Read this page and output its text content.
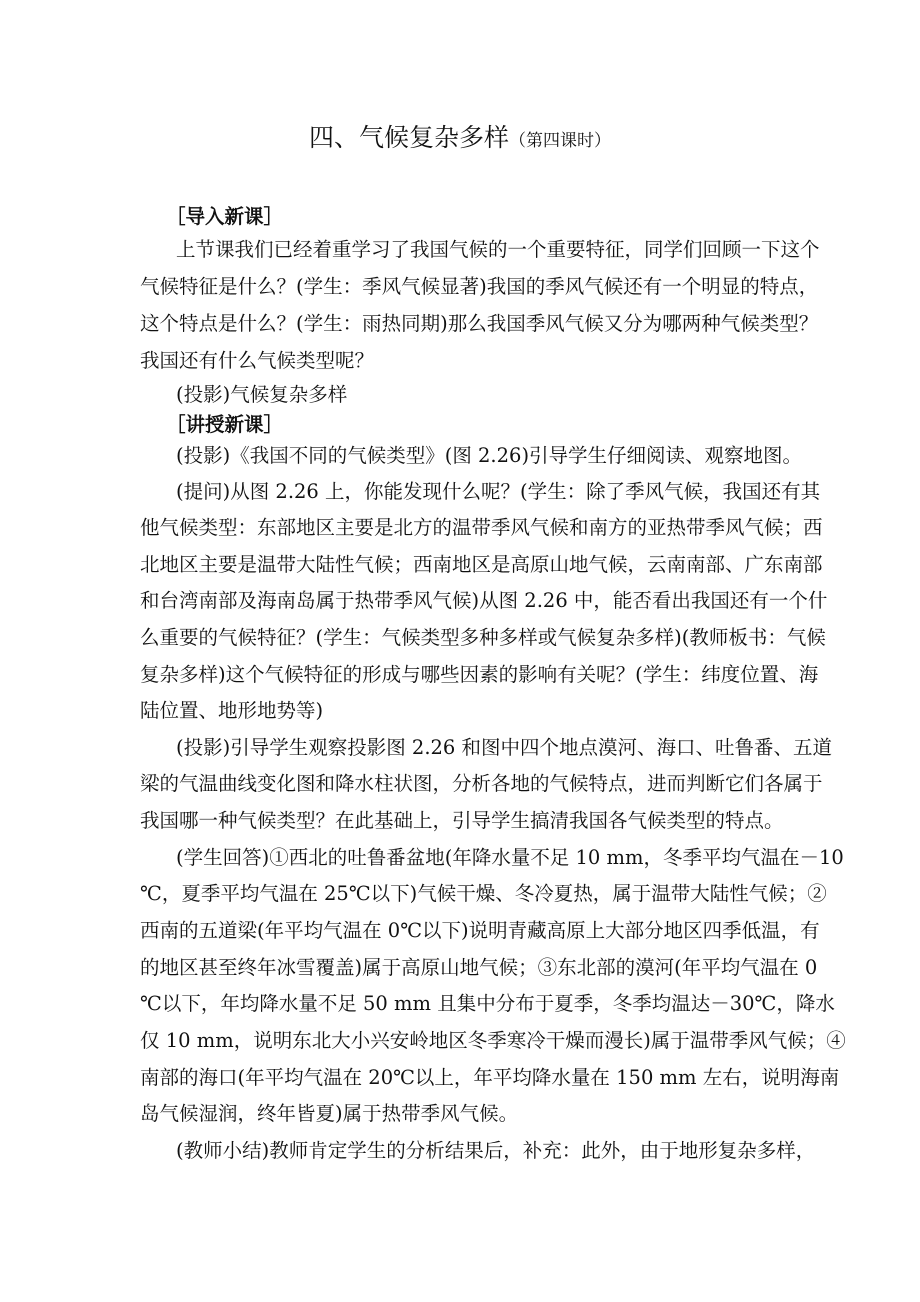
四、气候复杂多样（第四课时）
［导入新课］
上节课我们已经着重学习了我国气候的一个重要特征，同学们回顾一下这个
气候特征是什么？(学生：季风气候显著)我国的季风气候还有一个明显的特点，
这个特点是什么？(学生：雨热同期)那么我国季风气候又分为哪两种气候类型？
我国还有什么气候类型呢？
(投影)气候复杂多样
［讲授新课］
(投影)《我国不同的气候类型》(图 2.26)引导学生仔细阅读、观察地图。
(提问)从图 2.26 上，你能发现什么呢？(学生：除了季风气候，我国还有其
他气候类型：东部地区主要是北方的温带季风气候和南方的亚热带季风气候；西
北地区主要是温带大陆性气候；西南地区是高原山地气候，云南南部、广东南部
和台湾南部及海南岛属于热带季风气候)从图 2.26 中，能否看出我国还有一个什
么重要的气候特征？(学生：气候类型多种多样或气候复杂多样)(教师板书：气候
复杂多样)这个气候特征的形成与哪些因素的影响有关呢？(学生：纬度位置、海
陆位置、地形地势等)
(投影)引导学生观察投影图 2.26 和图中四个地点漠河、海口、吐鲁番、五道
梁的气温曲线变化图和降水柱状图，分析各地的气候特点，进而判断它们各属于
我国哪一种气候类型？在此基础上，引导学生搞清我国各气候类型的特点。
(学生回答)①西北的吐鲁番盆地(年降水量不足 10 mm，冬季平均气温在－10
℃，夏季平均气温在 25℃以下)气候干燥、冬冷夏热，属于温带大陆性气候；②
西南的五道梁(年平均气温在 0℃以下)说明青藏高原上大部分地区四季低温，有
的地区甚至终年冰雪覆盖)属于高原山地气候；③东北部的漠河(年平均气温在 0
℃以下，年均降水量不足 50 mm 且集中分布于夏季，冬季均温达－30℃，降水
仅 10 mm，说明东北大小兴安岭地区冬季寒冷干燥而漫长)属于温带季风气候；④
南部的海口(年平均气温在 20℃以上，年平均降水量在 150 mm 左右，说明海南
岛气候湿润，终年皆夏)属于热带季风气候。
(教师小结)教师肯定学生的分析结果后，补充：此外，由于地形复杂多样，
